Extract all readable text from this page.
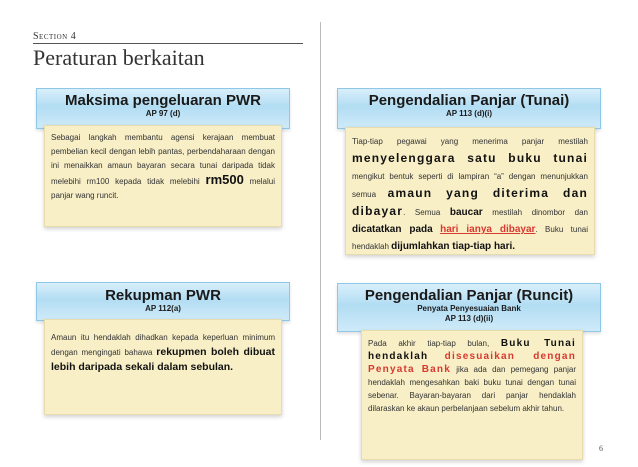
Section 4
Peraturan berkaitan
Maksima pengeluaran PWR
AP 97 (d)
Sebagai langkah membantu agensi kerajaan membuat pembelian kecil dengan lebih pantas, perbendaharaan dengan ini menaikkan amaun bayaran secara tunai daripada tidak melebihi rm100 kepada tidak melebihi rm500 melalui panjar wang runcit.
Rekupman PWR
AP 112(a)
Amaun itu hendaklah dihadkan kepada keperluan minimum dengan mengingati bahawa rekupmen boleh dibuat lebih daripada sekali dalam sebulan.
Pengendalian Panjar (Tunai)
AP 113 (d)(i)
Tiap-tiap pegawai yang menerima panjar mestilah menyelenggara satu buku tunai mengikut bentuk seperti di lampiran “a” dengan menunjukkan semua amaun yang diterima dan dibayar. Semua baucar mestilah dinombor dan dicatatkan pada hari ianya dibayar. Buku tunai hendaklah dijumlahkan tiap-tiap hari.
Pengendalian Panjar (Runcit)
Penyata Penyesuaian Bank
AP 113 (d)(ii)
Pada akhir tiap-tiap bulan, Buku Tunai hendaklah disesuaikan dengan Penyata Bank jika ada dan pemegang panjar hendaklah mengesahkan baki buku tunai dengan tunai sebenar. Bayaran-bayaran dari panjar hendaklah dilaraskan ke akaun perbelanjaan sebelum akhir tahun.
6
